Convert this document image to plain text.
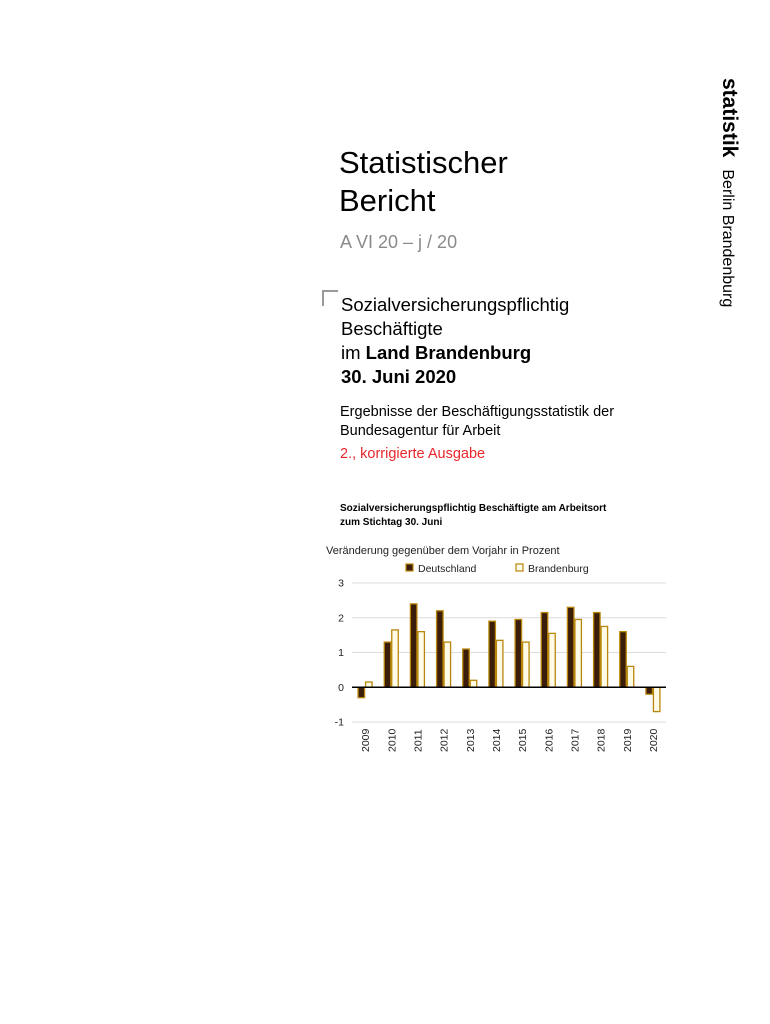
statistikBerlin Brandenburg
Statistischer
Bericht
A VI 20 – j / 20
Sozialversicherungspflichtig
Beschäftigte
im Land Brandenburg
30. Juni 2020
Ergebnisse der Beschäftigungsstatistik der Bundesagentur für Arbeit
2., korrigierte Ausgabe
Sozialversicherungspflichtig Beschäftigte am Arbeitsort
zum Stichtag 30. Juni
Veränderung gegenüber dem Vorjahr in Prozent
Deutschland	Brandenburg
3
2
1
0
-1
2009 2010 2011 2012 2013 2014 2015 2016 2017 2018 2019 2020
